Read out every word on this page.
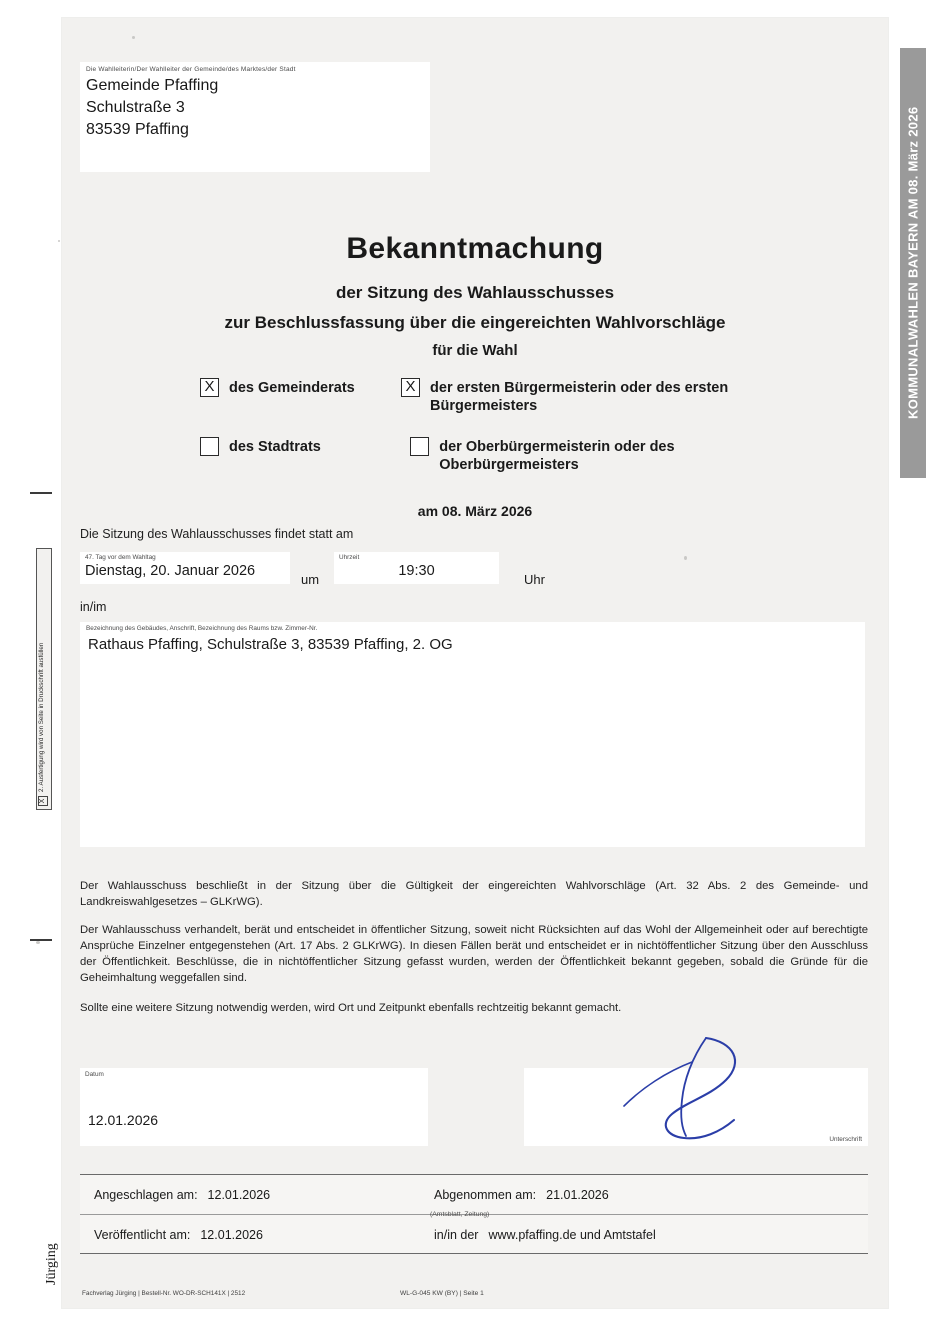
KOMMUNALWAHLEN BAYERN AM 08. März 2026
X
2. Ausfertigung wird von Seite in Druckschrift ausfüllen
Die Wahlleiterin/Der Wahlleiter der Gemeinde/des Marktes/der Stadt
Gemeinde Pfaffing
Schulstraße 3
83539 Pfaffing
Bekanntmachung
der Sitzung des Wahlausschusses
zur Beschlussfassung über die eingereichten Wahlvorschläge
für die Wahl
X	des Gemeinderats	X	der ersten Bürgermeisterin oder des ersten Bürgermeisters
des Stadtrats	der Oberbürgermeisterin oder des Oberbürgermeisters
am 08. März 2026
Die Sitzung des Wahlausschusses findet statt am
47. Tag vor dem Wahltag
Dienstag, 20. Januar 2026
um
Uhrzeit
19:30
Uhr
in/im
Bezeichnung des Gebäudes, Anschrift, Bezeichnung des Raums bzw. Zimmer-Nr.
Rathaus Pfaffing, Schulstraße 3, 83539 Pfaffing, 2. OG
Der Wahlausschuss beschließt in der Sitzung über die Gültigkeit der eingereichten Wahlvorschläge (Art. 32 Abs. 2 des Gemeinde- und Landkreiswahlgesetzes – GLKrWG).
Der Wahlausschuss verhandelt, berät und entscheidet in öffentlicher Sitzung, soweit nicht Rücksichten auf das Wohl der Allgemeinheit oder auf berechtigte Ansprüche Einzelner entgegenstehen (Art. 17 Abs. 2 GLKrWG). In diesen Fällen berät und entscheidet er in nichtöffentlicher Sitzung über den Ausschluss der Öffentlichkeit. Beschlüsse, die in nichtöffentlicher Sitzung gefasst wurden, werden der Öffentlichkeit bekannt gegeben, sobald die Gründe für die Geheimhaltung weggefallen sind.
Sollte eine weitere Sitzung notwendig werden, wird Ort und Zeitpunkt ebenfalls rechtzeitig bekannt gemacht.
Datum
12.01.2026
Unterschrift
Angeschlagen am: 12.01.2026	Abgenommen am: 21.01.2026
Veröffentlicht am: 12.01.2026	in/in der www.pfaffing.de und Amtstafel
(Amtsblatt, Zeitung)
Jürging
Fachverlag Jürging | Bestell-Nr. WO-DR-SCH141X | 2512	WL-G-045 KW (BY) | Seite 1
